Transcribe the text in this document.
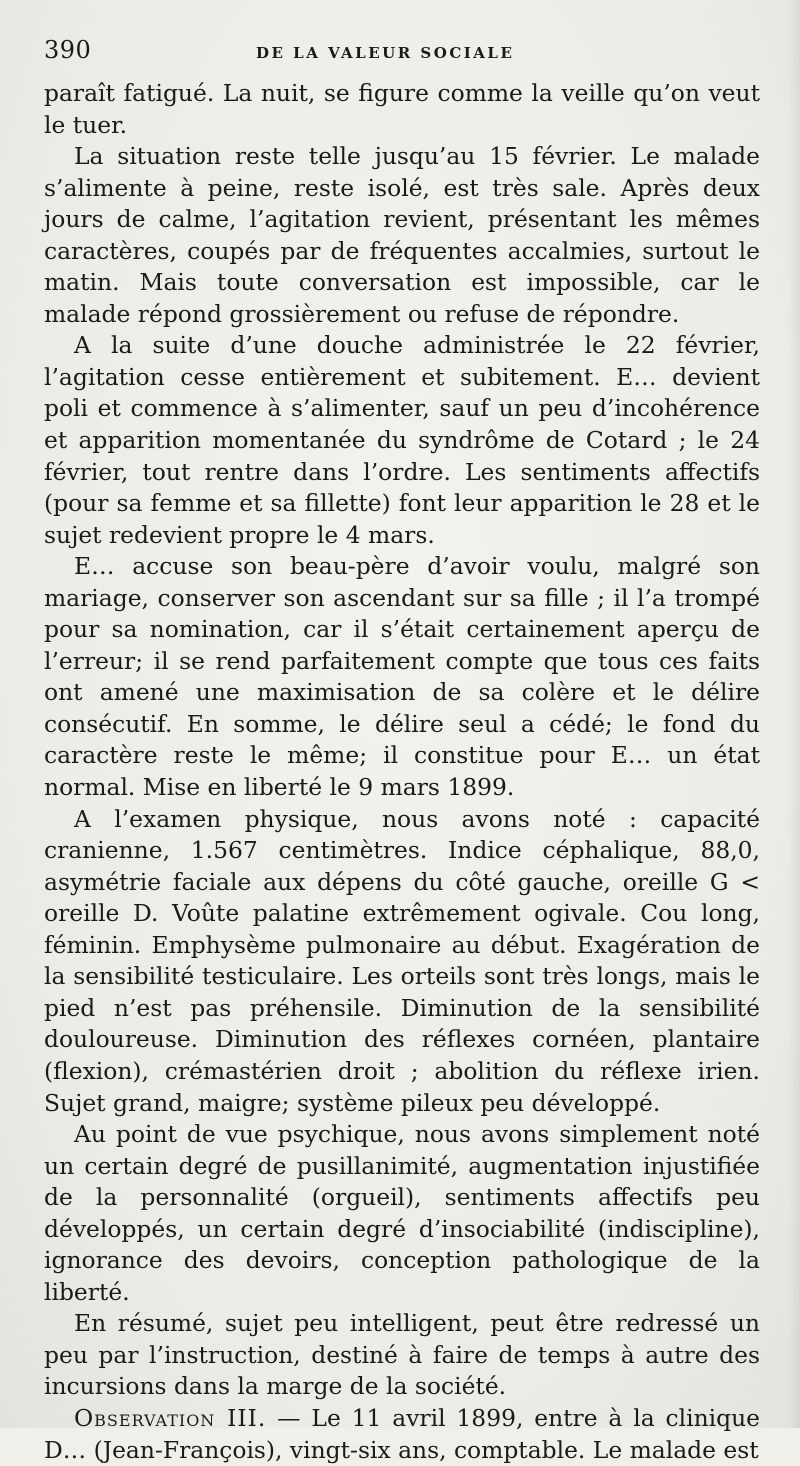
390	DE LA VALEUR SOCIALE

paraît fatigué. La nuit, se figure comme la veille qu’on veut le tuer.

La situation reste telle jusqu’au 15 février. Le malade s’alimente à peine, reste isolé, est très sale. Après deux jours de calme, l’agitation revient, présentant les mêmes caractères, coupés par de fréquentes accalmies, surtout le matin. Mais toute conversation est impossible, car le malade répond grossièrement ou refuse de répondre.

A la suite d’une douche administrée le 22 février, l’agitation cesse entièrement et subitement. E… devient poli et commence à s’alimenter, sauf un peu d’incohérence et apparition momentanée du syndrôme de Cotard ; le 24 février, tout rentre dans l’ordre. Les sentiments affectifs (pour sa femme et sa fillette) font leur apparition le 28 et le sujet redevient propre le 4 mars.

E… accuse son beau-père d’avoir voulu, malgré son mariage, conserver son ascendant sur sa fille ; il l’a trompé pour sa nomination, car il s’était certainement aperçu de l’erreur; il se rend parfaitement compte que tous ces faits ont amené une maximisation de sa colère et le délire consécutif. En somme, le délire seul a cédé; le fond du caractère reste le même; il constitue pour E… un état normal. Mise en liberté le 9 mars 1899.

A l’examen physique, nous avons noté : capacité cranienne, 1.567 centimètres. Indice céphalique, 88,0, asymétrie faciale aux dépens du côté gauche, oreille G < oreille D. Voûte palatine extrêmement ogivale. Cou long, féminin. Emphysème pulmonaire au début. Exagération de la sensibilité testiculaire. Les orteils sont très longs, mais le pied n’est pas préhensile. Diminution de la sensibilité douloureuse. Diminution des réflexes cornéen, plantaire (flexion), crémastérien droit ; abolition du réflexe irien. Sujet grand, maigre; système pileux peu développé.

Au point de vue psychique, nous avons simplement noté un certain degré de pusillanimité, augmentation injustifiée de la personnalité (orgueil), sentiments affectifs peu développés, un certain degré d’insociabilité (indiscipline), ignorance des devoirs, conception pathologique de la liberté.

En résumé, sujet peu intelligent, peut être redressé un peu par l’instruction, destiné à faire de temps à autre des incursions dans la marge de la société.

Observation III. — Le 11 avril 1899, entre à la clinique D… (Jean-François), vingt-six ans, comptable. Le malade est
